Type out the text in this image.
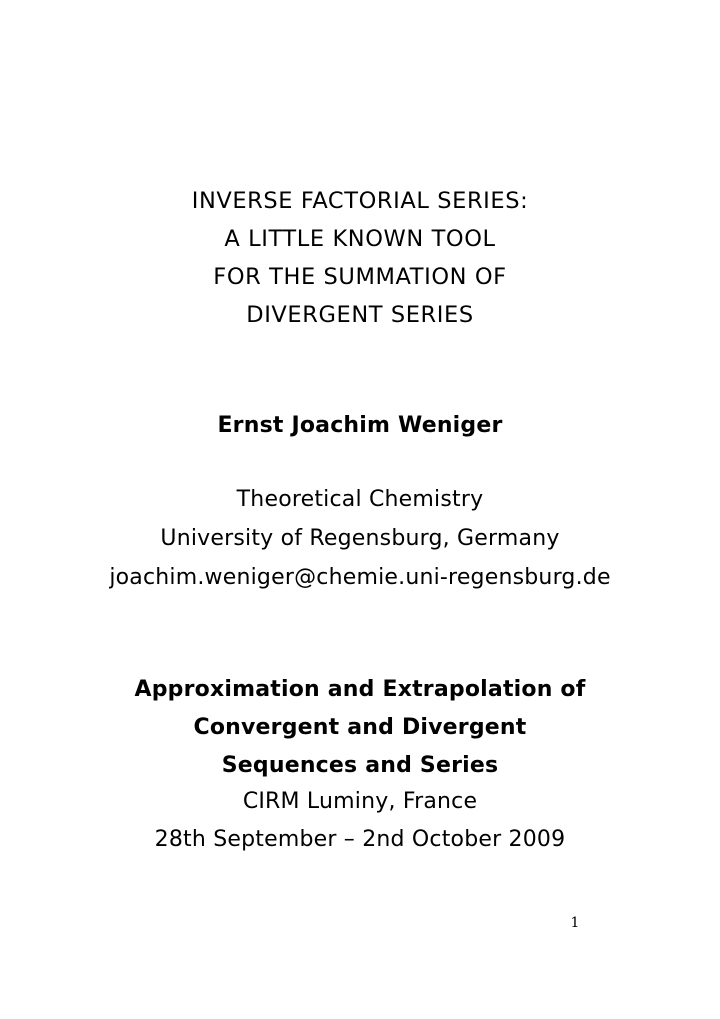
INVERSE FACTORIAL SERIES:
A LITTLE KNOWN TOOL
FOR THE SUMMATION OF
DIVERGENT SERIES
Ernst Joachim Weniger
Theoretical Chemistry
University of Regensburg, Germany
joachim.weniger@chemie.uni-regensburg.de
Approximation and Extrapolation of
Convergent and Divergent
Sequences and Series
CIRM Luminy, France
28th September – 2nd October 2009
1
